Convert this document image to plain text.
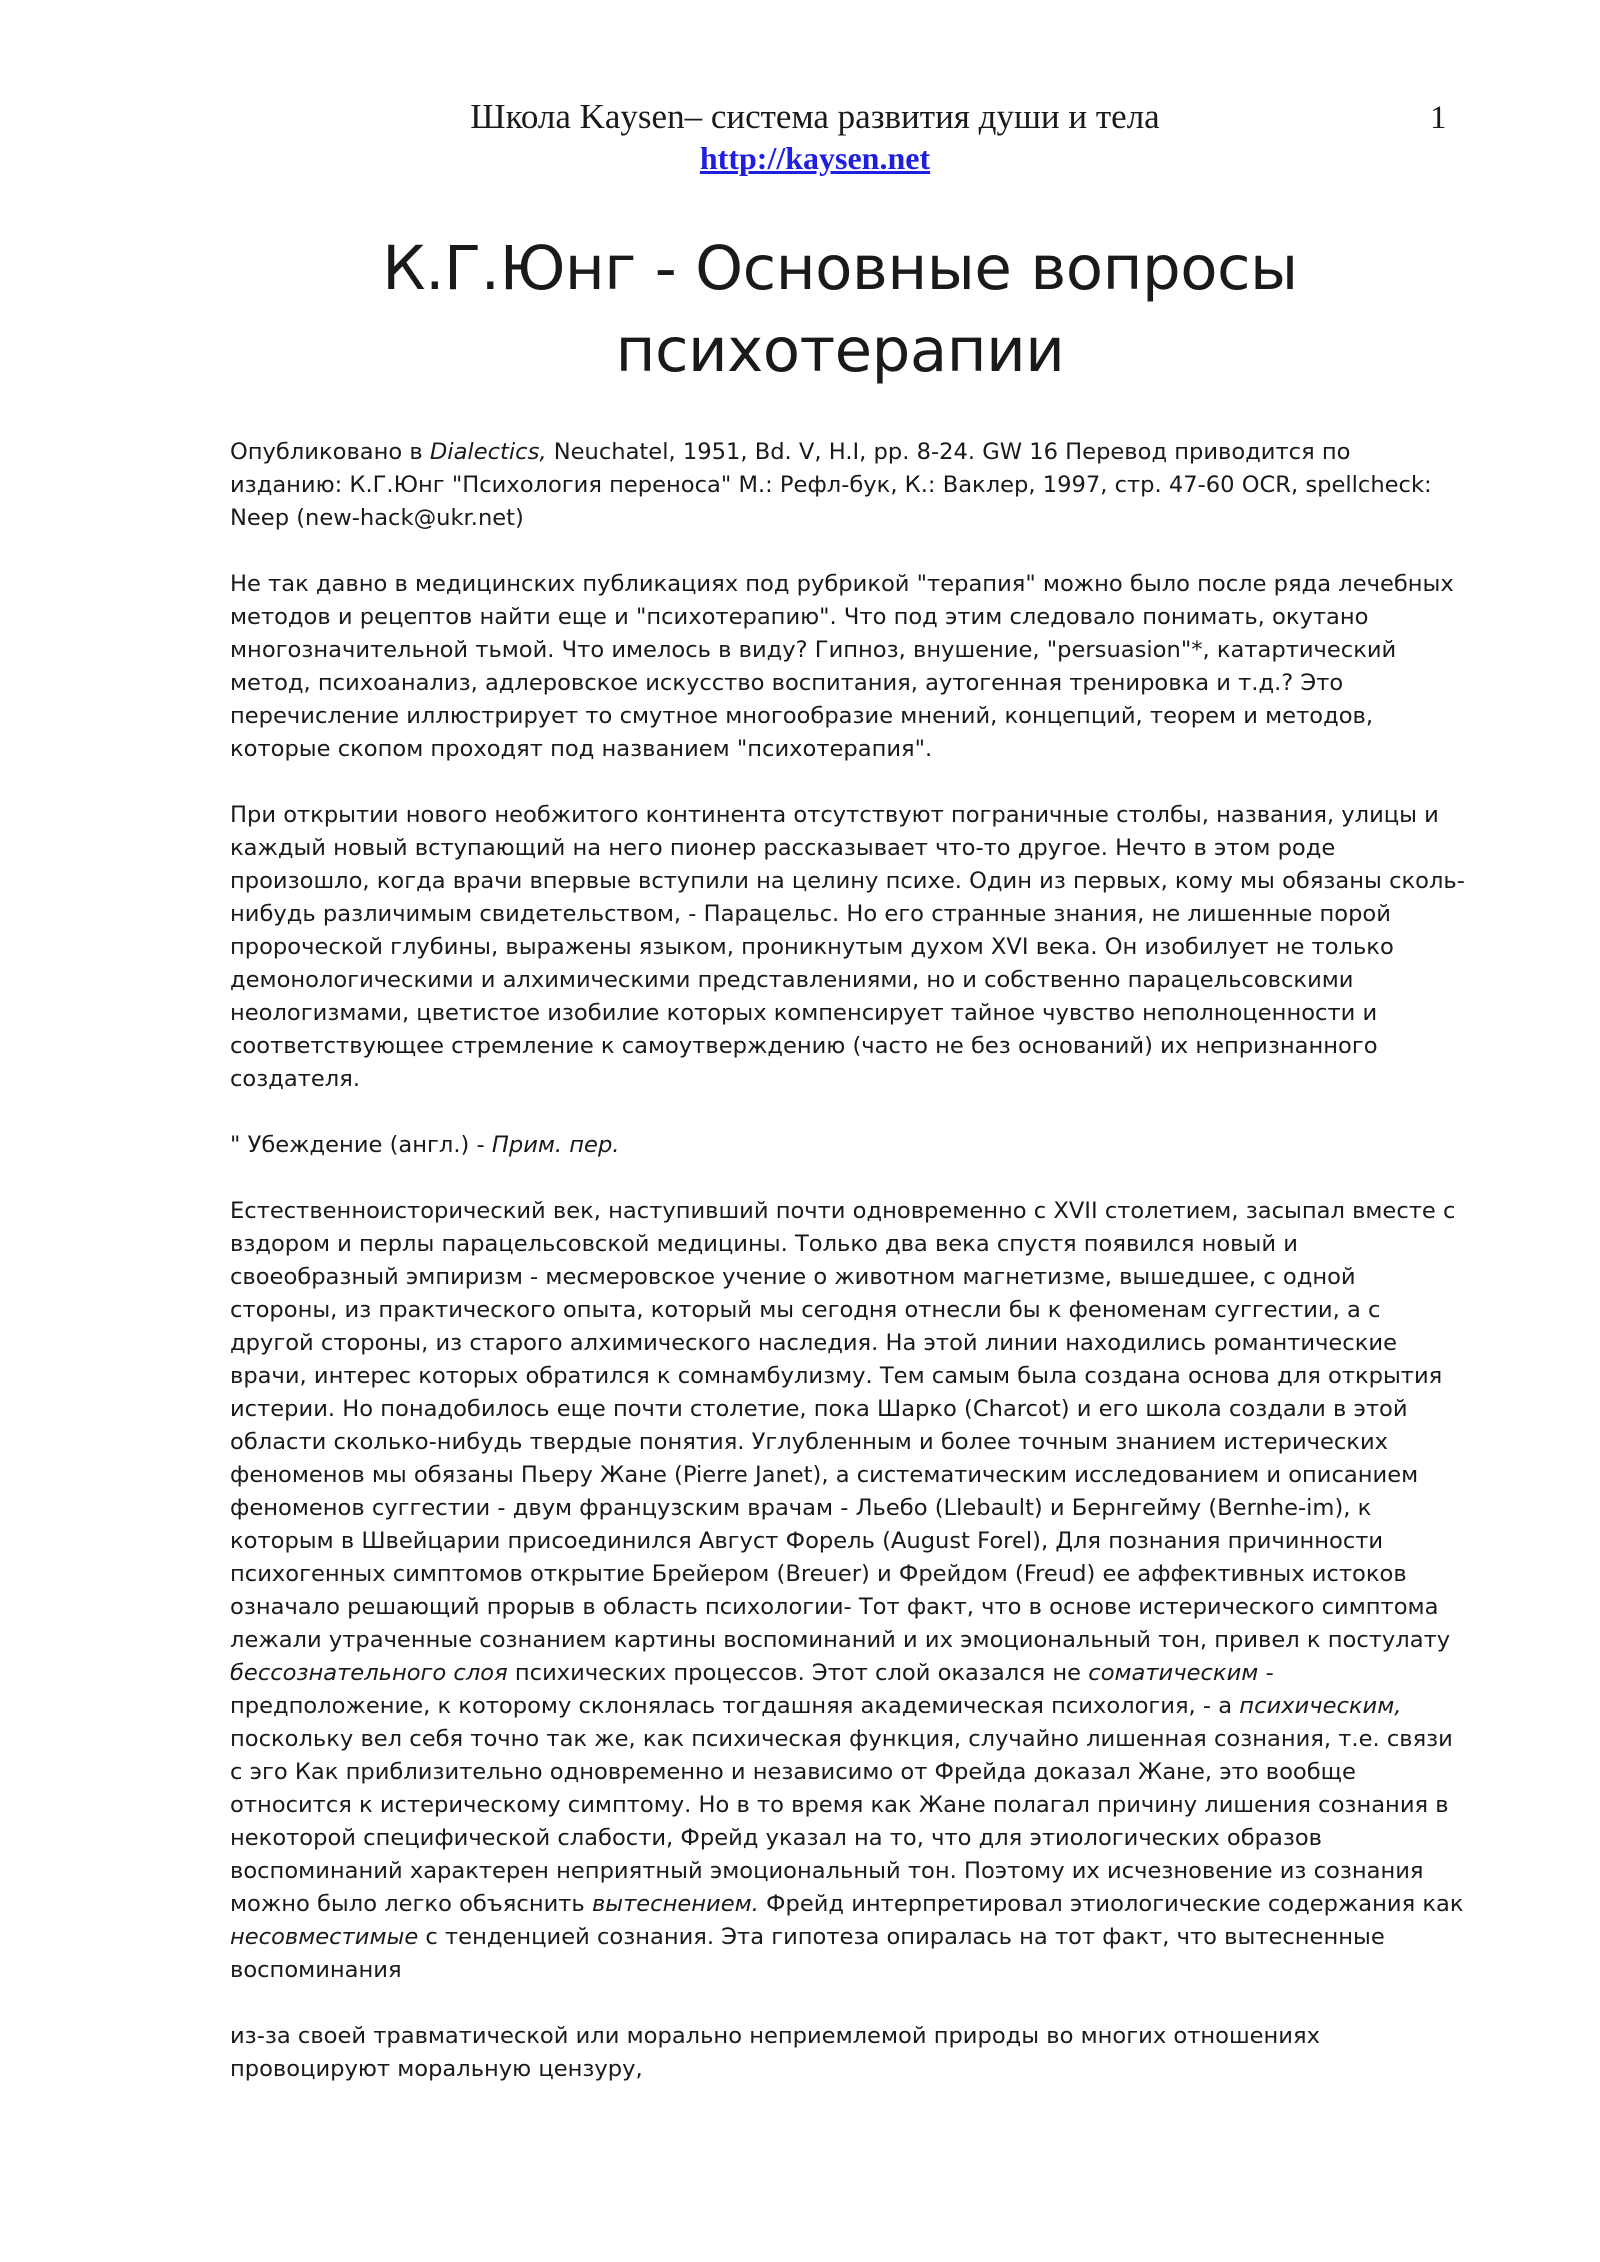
Школа Kaysen– система развития души и тела	1
http://kaysen.net
К.Г.Юнг - Основные вопросы психотерапии

Опубликовано в Dialectics, Neuchatel, 1951, Bd. V, H.I, pp. 8-24. GW 16 Перевод приводится по изданию: К.Г.Юнг "Психология переноса" М.: Рефл-бук, К.: Ваклер, 1997, стр. 47-60 OCR, spellcheck: Neep (new-hack@ukr.net)

Не так давно в медицинских публикациях под рубрикой "терапия" можно было после ряда лечебных методов и рецептов найти еще и "психотерапию". Что под этим следовало понимать, окутано многозначительной тьмой. Что имелось в виду? Гипноз, внушение, "persuasion"*, катартический метод, психоанализ, адлеровское искусство воспитания, аутогенная тренировка и т.д.? Это перечисление иллюстрирует то смутное многообразие мнений, концепций, теорем и методов, которые скопом проходят под названием "психотерапия".

При открытии нового необжитого континента отсутствуют пограничные столбы, названия, улицы и каждый новый вступающий на него пионер рассказывает что-то другое. Нечто в этом роде произошло, когда врачи впервые вступили на целину психе. Один из первых, кому мы обязаны сколь-нибудь различимым свидетельством, - Парацельс. Но его странные знания, не лишенные порой пророческой глубины, выражены языком, проникнутым духом XVI века. Он изобилует не только демонологическими и алхимическими представлениями, но и собственно парацельсовскими неологизмами, цветистое изобилие которых компенсирует тайное чувство неполноценности и соответствующее стремление к самоутверждению (часто не без оснований) их непризнанного создателя.

" Убеждение (англ.) - Прим. пер.

Естественноисторический век, наступивший почти одновременно с XVII столетием, засыпал вместе с вздором и перлы парацельсовской медицины. Только два века спустя появился новый и своеобразный эмпиризм - месмеровское учение о животном магнетизме, вышедшее, с одной стороны, из практического опыта, который мы сегодня отнесли бы к феноменам суггестии, а с другой стороны, из старого алхимического наследия. На этой линии находились романтические врачи, интерес которых обратился к сомнамбулизму. Тем самым была создана основа для открытия истерии. Но понадобилось еще почти столетие, пока Шарко (Charcot) и его школа создали в этой области сколько-нибудь твердые понятия. Углубленным и более точным знанием истерических феноменов мы обязаны Пьеру Жане (Pierre Janet), а систематическим исследованием и описанием феноменов суггестии - двум французским врачам - Льебо (Llebault) и Бернгейму (Bernhe-im), к которым в Швейцарии присоединился Август Форель (August Forel), Для познания причинности психогенных симптомов открытие Брейером (Breuer) и Фрейдом (Freud) ее аффективных истоков означало решающий прорыв в область психологии- Тот факт, что в основе истерического симптома лежали утраченные сознанием картины воспоминаний и их эмоциональный тон, привел к постулату бессознательного слоя психических процессов. Этот слой оказался не соматическим - предположение, к которому склонялась тогдашняя академическая психология, - а психическим, поскольку вел себя точно так же, как психическая функция, случайно лишенная сознания, т.е. связи с эго Как приблизительно одновременно и независимо от Фрейда доказал Жане, это вообще относится к истерическому симптому. Но в то время как Жане полагал причину лишения сознания в некоторой специфической слабости, Фрейд указал на то, что для этиологических образов воспоминаний характерен неприятный эмоциональный тон. Поэтому их исчезновение из сознания можно было легко объяснить вытеснением. Фрейд интерпретировал этиологические содержания как несовместимые с тенденцией сознания. Эта гипотеза опиралась на тот факт, что вытесненные воспоминания

из-за своей травматической или морально неприемлемой природы во многих отношениях провоцируют моральную цензуру,
